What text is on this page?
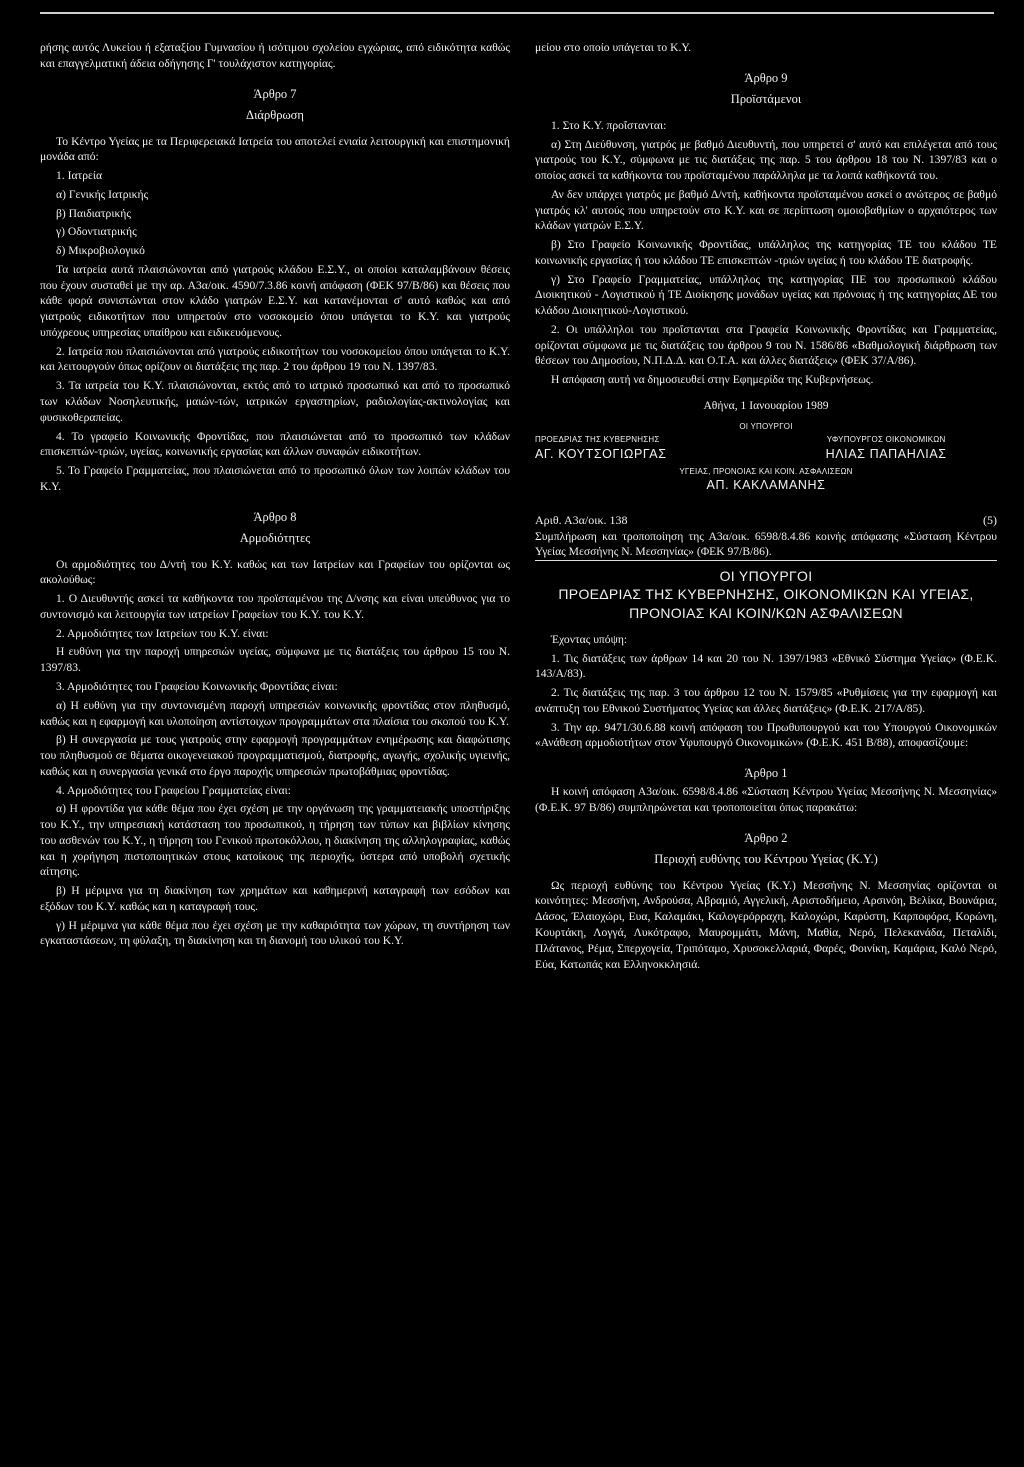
ρήσης αυτός Λυκείου ή εξαταξίου Γυμνασίου ή ισότιμου σχολείου εγχώριας, από ειδικότητα καθώς και επαγγελματική άδεια οδήγησης Γ' τουλάχιστον κατηγορίας.

Άρθρο 7
Διάρθρωση

Το Κέντρο Υγείας με τα Περιφερειακά Ιατρεία του αποτελεί ενιαία λειτουργική και επιστημονική μονάδα από:

1. Ιατρεία

α) Γενικής Ιατρικής

β) Παιδιατρικής

γ) Οδοντιατρικής

δ) Μικροβιολογικό

Τα ιατρεία αυτά πλαισιώνονται από γιατρούς κλάδου Ε.Σ.Υ., οι οποίοι καταλαμβάνουν θέσεις που έχουν συσταθεί με την αρ. Α3α/οικ. 4590/7.3.86 κοινή απόφαση (ΦΕΚ 97/Β/86) και θέσεις που κάθε φορά συνιστώνται στον κλάδο γιατρών Ε.Σ.Υ. και κατανέμονται σ' αυτό καθώς και από γιατρούς ειδικοτήτων που υπηρετούν στο νοσοκομείο όπου υπάγεται το Κ.Υ. και γιατρούς υπόχρεους υπηρεσίας υπαίθρου και ειδικευόμενους.

2. Ιατρεία που πλαισιώνονται από γιατρούς ειδικοτήτων του νοσοκομείου όπου υπάγεται το Κ.Υ. και λειτουργούν όπως ορίζουν οι διατάξεις της παρ. 2 του άρθρου 19 του Ν. 1397/83.

3. Τα ιατρεία του Κ.Υ. πλαισιώνονται, εκτός από το ιατρικό προσωπικό και από το προσωπικό των κλάδων Νοσηλευτικής, μαιών-τών, ιατρικών εργαστηρίων, ραδιολογίας-ακτινολογίας και φυσικοθεραπείας.

4. Το γραφείο Κοινωνικής Φροντίδας, που πλαισιώνεται από το προσωπικό των κλάδων επισκεπτών-τριών, υγείας, κοινωνικής εργασίας και άλλων συναφών ειδικοτήτων.

5. Το Γραφείο Γραμματείας, που πλαισιώνεται από το προσωπικό όλων των λοιπών κλάδων του Κ.Υ.

Άρθρο 8
Αρμοδιότητες

Οι αρμοδιότητες του Δ/ντή του Κ.Υ. καθώς και των Ιατρείων και Γραφείων του ορίζονται ως ακολούθως:

1. Ο Διευθυντής ασκεί τα καθήκοντα του προϊσταμένου της Δ/νσης και είναι υπεύθυνος για το συντονισμό και λειτουργία των ιατρείων Γραφείων του Κ.Υ. του Κ.Υ.

2. Αρμοδιότητες των Ιατρείων του Κ.Υ. είναι:

Η ευθύνη για την παροχή υπηρεσιών υγείας, σύμφωνα με τις διατάξεις του άρθρου 15 του Ν. 1397/83.

3. Αρμοδιότητες του Γραφείου Κοινωνικής Φροντίδας είναι:

α) Η ευθύνη για την συντονισμένη παροχή υπηρεσιών κοινωνικής φροντίδας στον πληθυσμό, καθώς και η εφαρμογή και υλοποίηση αντίστοιχων προγραμμάτων στα πλαίσια του σκοπού του Κ.Υ.

β) Η συνεργασία με τους γιατρούς στην εφαρμογή προγραμμάτων ενημέρωσης και διαφώτισης του πληθυσμού σε θέματα οικογενειακού προγραμματισμού, διατροφής, αγωγής, σχολικής υγιεινής, καθώς και η συνεργασία γενικά στο έργο παροχής υπηρεσιών πρωτοβάθμιας φροντίδας.

4. Αρμοδιότητες του Γραφείου Γραμματείας είναι:

α) Η φροντίδα για κάθε θέμα που έχει σχέση με την οργάνωση της γραμματειακής υποστήριξης του Κ.Υ., την υπηρεσιακή κατάσταση του προσωπικού, η τήρηση των τύπων και βιβλίων κίνησης του ασθενών του Κ.Υ., η τήρηση του Γενικού πρωτοκόλλου, η διακίνηση της αλληλογραφίας, καθώς και η χορήγηση πιστοποιητικών στους κατοίκους της περιοχής, ύστερα από υποβολή σχετικής αίτησης.

β) Η μέριμνα για τη διακίνηση των χρημάτων και καθημερινή καταγραφή των εσόδων και εξόδων του Κ.Υ. καθώς και η καταγραφή τους.

γ) Η μέριμνα για κάθε θέμα που έχει σχέση με την καθαριότητα των χώρων, τη συντήρηση των εγκαταστάσεων, τη φύλαξη, τη διακίνηση και τη διανομή του υλικού του Κ.Υ.

μείου στο οποίο υπάγεται το Κ.Υ.

Άρθρο 9
Προϊστάμενοι

1. Στο Κ.Υ. προΐστανται:

α) Στη Διεύθυνση, γιατρός με βαθμό Διευθυντή, που υπηρετεί σ' αυτό και επιλέγεται από τους γιατρούς του Κ.Υ., σύμφωνα με τις διατάξεις της παρ. 5 του άρθρου 18 του Ν. 1397/83 και ο οποίος ασκεί τα καθήκοντα του προϊσταμένου παράλληλα με τα λοιπά καθήκοντά του.

Αν δεν υπάρχει γιατρός με βαθμό Δ/ντή, καθήκοντα προϊσταμένου ασκεί ο ανώτερος σε βαθμό γιατρός κλ' αυτούς που υπηρετούν στο Κ.Υ. και σε περίπτωση ομοιοβαθμίων ο αρχαιότερος των κλάδων γιατρών Ε.Σ.Υ.

β) Στο Γραφείο Κοινωνικής Φροντίδας, υπάλληλος της κατηγορίας ΤΕ του κλάδου ΤΕ κοινωνικής εργασίας ή του κλάδου ΤΕ επισκεπτών -τριών υγείας ή του κλάδου ΤΕ διατροφής.

γ) Στο Γραφείο Γραμματείας, υπάλληλος της κατηγορίας ΠΕ του προσωπικού κλάδου Διοικητικού - Λογιστικού ή ΤΕ Διοίκησης μονάδων υγείας και πρόνοιας ή της κατηγορίας ΔΕ του κλάδου Διοικητικού-Λογιστικού.

2. Οι υπάλληλοι του προΐστανται στα Γραφεία Κοινωνικής Φροντίδας και Γραμματείας, ορίζονται σύμφωνα με τις διατάξεις του άρθρου 9 του Ν. 1586/86 «Βαθμολογική διάρθρωση των θέσεων του Δημοσίου, Ν.Π.Δ.Δ. και Ο.Τ.Α. και άλλες διατάξεις» (ΦΕΚ 37/Α/86).

Η απόφαση αυτή να δημοσιευθεί στην Εφημερίδα της Κυβερνήσεως.

Αθήνα, 1 Ιανουαρίου 1989
ΟΙ ΥΠΟΥΡΓΟΙ
ΠΡΟΕΔΡΙΑΣ ΤΗΣ ΚΥΒΕΡΝΗΣΗΣ
ΑΓ. ΚΟΥΤΣΟΓΙΩΡΓΑΣ
ΥΦΥΠΟΥΡΓΟΣ ΟΙΚΟΝΟΜΙΚΩΝ
ΗΛΙΑΣ ΠΑΠΑΗΛΙΑΣ
ΥΓΕΙΑΣ, ΠΡΟΝΟΙΑΣ ΚΑΙ ΚΟΙΝ. ΑΣΦΑΛΙΣΕΩΝ
ΑΠ. ΚΑΚΛΑΜΑΝΗΣ
Αριθ. Α3α/οικ. 138	(5)

Συμπλήρωση και τροποποίηση της Α3α/οικ. 6598/8.4.86 κοινής απόφασης «Σύσταση Κέντρου Υγείας Μεσσήνης Ν. Μεσσηνίας» (ΦΕΚ 97/Β/86).

ΟΙ ΥΠΟΥΡΓΟΙ
ΠΡΟΕΔΡΙΑΣ ΤΗΣ ΚΥΒΕΡΝΗΣΗΣ, ΟΙΚΟΝΟΜΙΚΩΝ ΚΑΙ ΥΓΕΙΑΣ, ΠΡΟΝΟΙΑΣ ΚΑΙ ΚΟΙΝ/ΚΩΝ ΑΣΦΑΛΙΣΕΩΝ

Έχοντας υπόψη:

1. Τις διατάξεις των άρθρων 14 και 20 του Ν. 1397/1983 «Εθνικό Σύστημα Υγείας» (Φ.Ε.Κ. 143/Α/83).

2. Τις διατάξεις της παρ. 3 του άρθρου 12 του Ν. 1579/85 «Ρυθμίσεις για την εφαρμογή και ανάπτυξη του Εθνικού Συστήματος Υγείας και άλλες διατάξεις» (Φ.Ε.Κ. 217/Α/85).

3. Την αρ. 9471/30.6.88 κοινή απόφαση του Πρωθυπουργού και του Υπουργού Οικονομικών «Ανάθεση αρμοδιοτήτων στον Υφυπουργό Οικονομικών» (Φ.Ε.Κ. 451 Β/88), αποφασίζουμε:

Άρθρο 1

Η κοινή απόφαση Α3α/οικ. 6598/8.4.86 «Σύσταση Κέντρου Υγείας Μεσσήνης Ν. Μεσσηνίας» (Φ.Ε.Κ. 97 Β/86) συμπληρώνεται και τροποποιείται όπως παρακάτω:

Άρθρο 2
Περιοχή ευθύνης του Κέντρου Υγείας (Κ.Υ.)

Ως περιοχή ευθύνης του Κέντρου Υγείας (Κ.Υ.) Μεσσήνης Ν. Μεσσηνίας ορίζονται οι κοινότητες: Μεσσήνη, Ανδρούσα, Αβραμιό, Αγγελική, Αριστοδήμειο, Αρσινόη, Βελίκα, Βουνάρια, Δάσος, Έλαιοχώρι, Ευα, Καλαμάκι, Καλογερόρραχη, Καλοχώρι, Καρύστη, Καρποφόρα, Κορώνη, Κουρτάκη, Λογγά, Λυκότραφο, Μαυρομμάτι, Μάνη, Μαθία, Νερό, Πελεκανάδα, Πεταλίδι, Πλάτανος, Ρέμα, Σπερχογεία, Τριπόταμο, Χρυσοκελλαριά, Φαρές, Φοινίκη, Καμάρια, Καλό Νερό, Εύα, Κατωπάς και Ελληνοκκλησιά.
